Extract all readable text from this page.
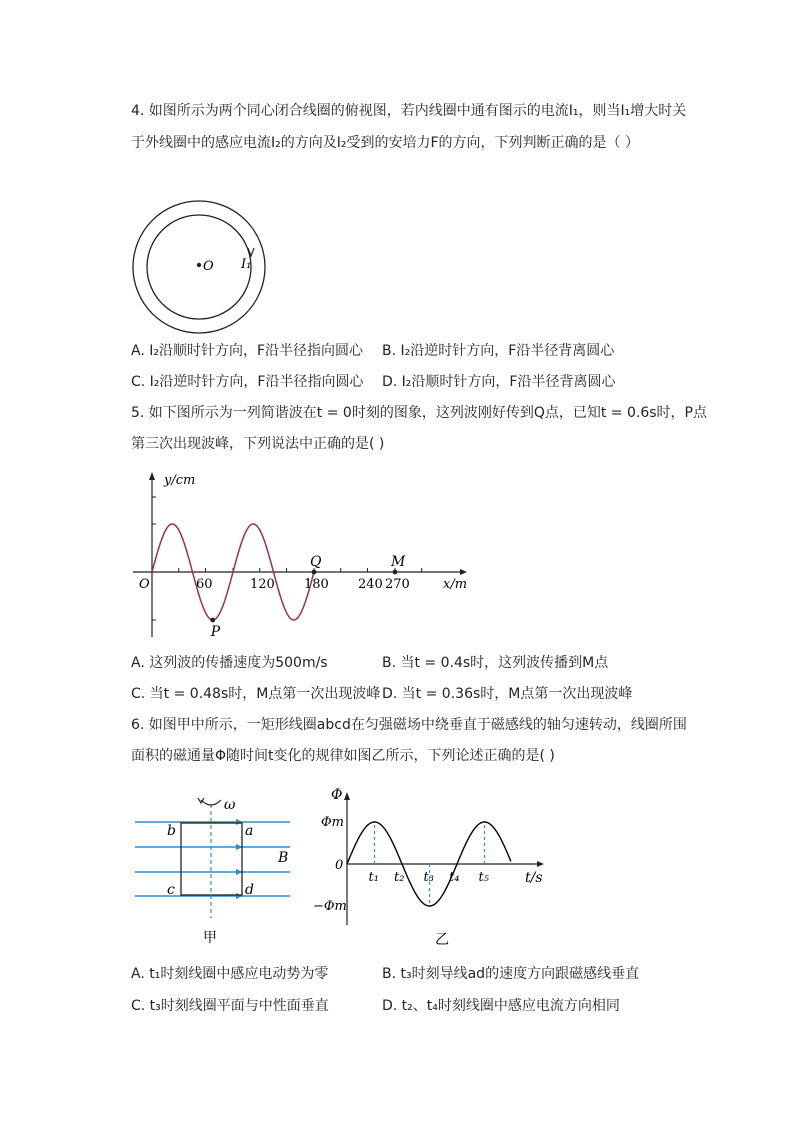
4. 如图所示为两个同心闭合线圈的俯视图，若内线圈中通有图示的电流I₁，则当I₁增大时关
于外线圈中的感应电流I₂的方向及I₂受到的安培力F的方向，下列判断正确的是（ ）
O I₁
A. I₂沿顺时针方向，F沿半径指向圆心 B. I₂沿逆时针方向，F沿半径背离圆心
C. I₂沿逆时针方向，F沿半径指向圆心 D. I₂沿顺时针方向，F沿半径背离圆心
5. 如下图所示为一列简谐波在t = 0时刻的图象，这列波刚好传到Q点，已知t = 0.6s时，P点
第三次出现波峰，下列说法中正确的是( )
60	120 180 240 270
O	x/m
y/cm
P
Q	M
A. 这列波的传播速度为500m/s	B. 当t = 0.4s时，这列波传播到M点
C. 当t = 0.48s时，M点第一次出现波峰 D. 当t = 0.36s时，M点第一次出现波峰
6. 如图甲中所示，一矩形线圈abcd在匀强磁场中绕垂直于磁感线的轴匀速转动，线圈所围
面积的磁通量Φ随时间t变化的规律如图乙所示，下列论述正确的是( )
ω
b	a
c	d
B
甲
t₁ t₂ t₃ t₄ t₅
Φm
0
−Φm
t/s
Φ
乙
A. t₁时刻线圈中感应电动势为零	B. t₃时刻导线ad的速度方向跟磁感线垂直
C. t₃时刻线圈平面与中性面垂直	D. t₂、t₄时刻线圈中感应电流方向相同
